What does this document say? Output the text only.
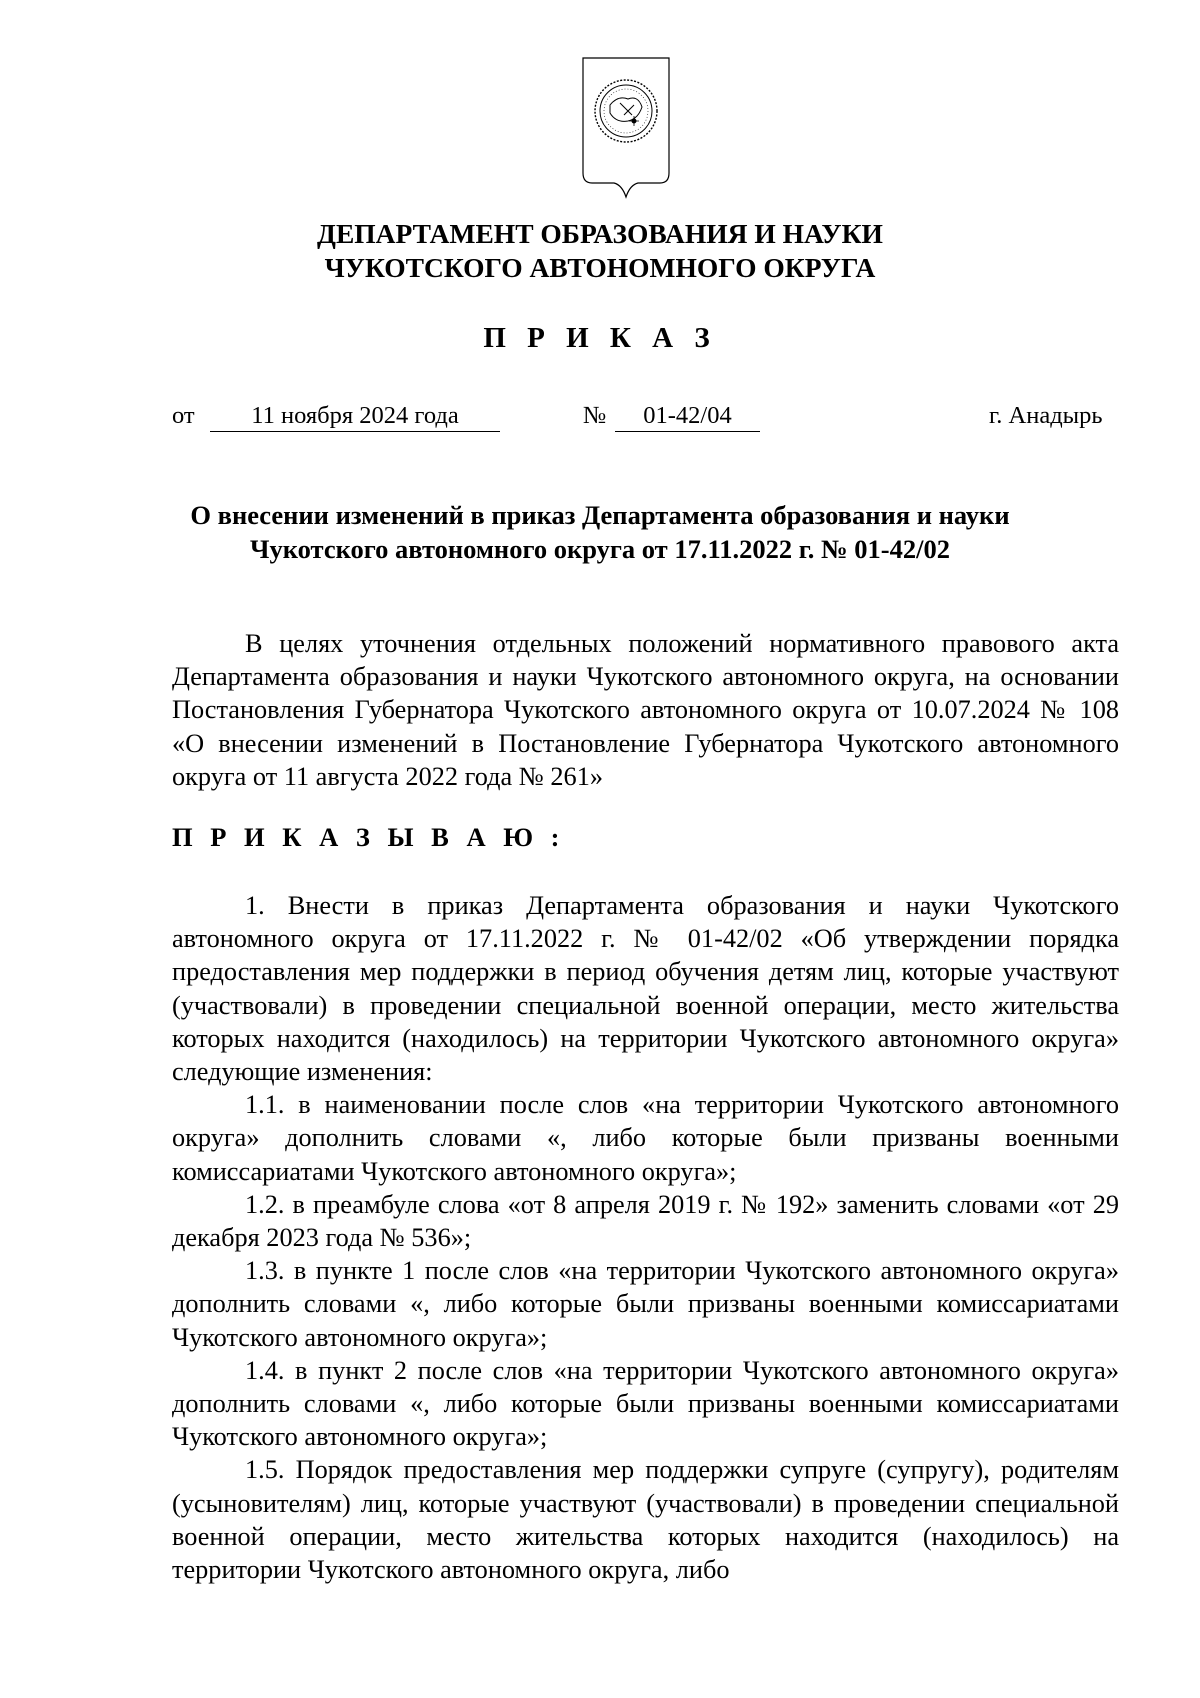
ДЕПАРТАМЕНТ ОБРАЗОВАНИЯ И НАУКИ
ЧУКОТСКОГО АВТОНОМНОГО ОКРУГА
П Р И К А З
от	11 ноября 2024 года	№	01-42/04	г. Анадырь
О внесении изменений в приказ Департамента образования и науки
Чукотского автономного округа от 17.11.2022 г. № 01-42/02

В целях уточнения отдельных положений нормативного правового акта Департамента образования и науки Чукотского автономного округа, на основании Постановления Губернатора Чукотского автономного округа от 10.07.2024 № 108 «О внесении изменений в Постановление Губернатора Чукотского автономного округа от 11 августа 2022 года № 261»

П Р И К А З Ы В А Ю :

1. Внести в приказ Департамента образования и науки Чукотского автономного округа от 17.11.2022 г. № 01-42/02 «Об утверждении порядка предоставления мер поддержки в период обучения детям лиц, которые участвуют (участвовали) в проведении специальной военной операции, место жительства которых находится (находилось) на территории Чукотского автономного округа» следующие изменения:

1.1. в наименовании после слов «на территории Чукотского автономного округа» дополнить словами «, либо которые были призваны военными комиссариатами Чукотского автономного округа»;

1.2. в преамбуле слова «от 8 апреля 2019 г. № 192» заменить словами «от 29 декабря 2023 года № 536»;

1.3. в пункте 1 после слов «на территории Чукотского автономного округа» дополнить словами «, либо которые были призваны военными комиссариатами Чукотского автономного округа»;

1.4. в пункт 2 после слов «на территории Чукотского автономного округа» дополнить словами «, либо которые были призваны военными комиссариатами Чукотского автономного округа»;

1.5. Порядок предоставления мер поддержки супруге (супругу), родителям (усыновителям) лиц, которые участвуют (участвовали) в проведении специальной военной операции, место жительства которых находится (находилось) на территории Чукотского автономного округа, либо
